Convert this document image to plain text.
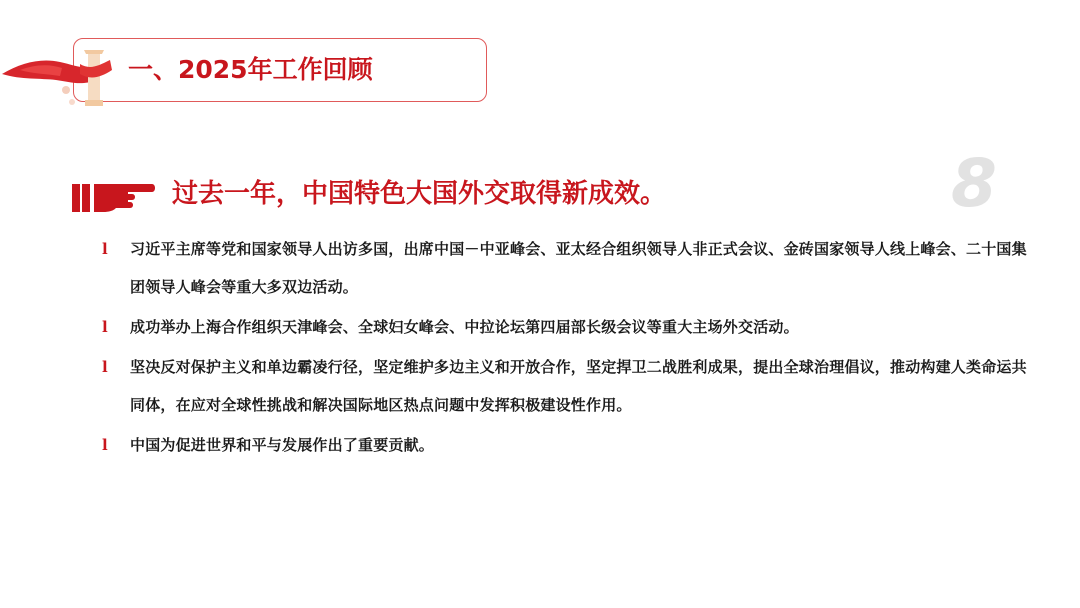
一、2025年工作回顾
8
过去一年，中国特色大国外交取得新成效。
l 习近平主席等党和国家领导人出访多国，出席中国－中亚峰会、亚太经合组织领导人非正式会议、金砖国家领导人线上峰会、二十国集团领导人峰会等重大多双边活动。
l 成功举办上海合作组织天津峰会、全球妇女峰会、中拉论坛第四届部长级会议等重大主场外交活动。
l 坚决反对保护主义和单边霸凌行径，坚定维护多边主义和开放合作，坚定捍卫二战胜利成果，提出全球治理倡议，推动构建人类命运共同体，在应对全球性挑战和解决国际地区热点问题中发挥积极建设性作用。
l 中国为促进世界和平与发展作出了重要贡献。
